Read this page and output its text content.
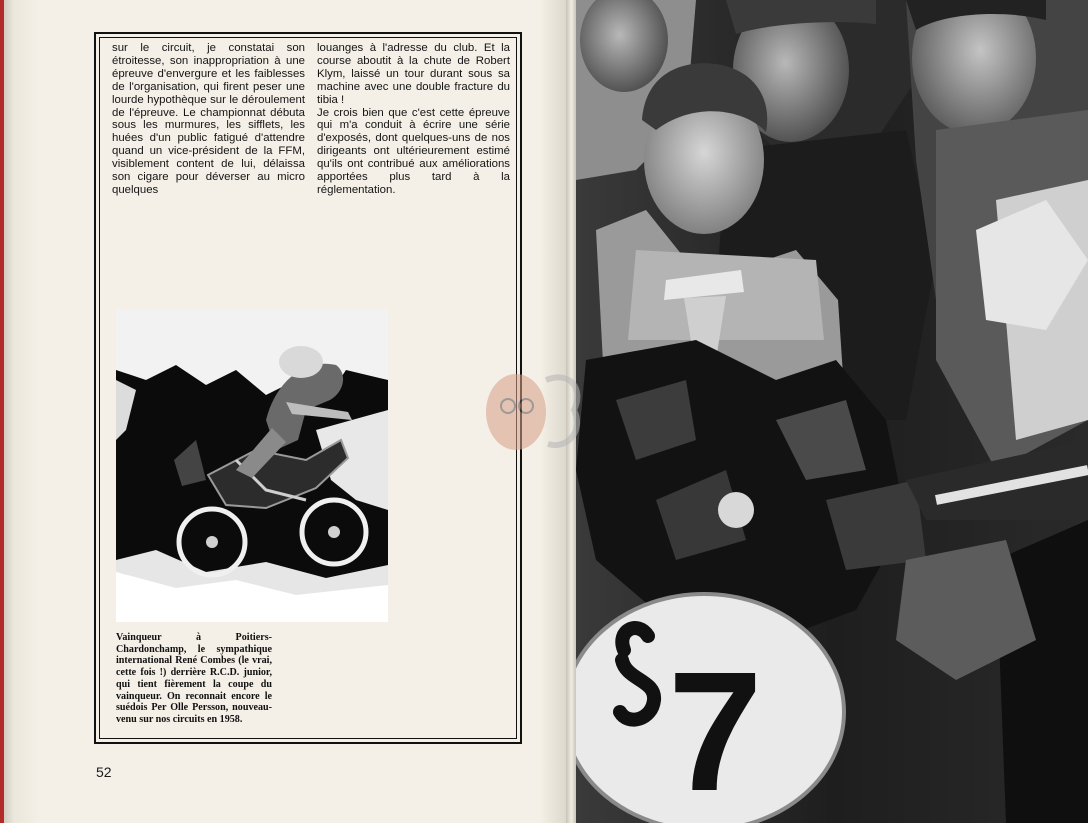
sur le circuit, je constatai son étroitesse, son inappropriation à une épreuve d'envergure et les faiblesses de l'organisation, qui firent peser une lourde hypothèque sur le déroulement de l'épreuve. Le championnat débuta sous les murmures, les sifflets, les huées d'un public fatigué d'attendre quand un vice-président de la FFM, visiblement content de lui, délaissa son cigare pour déverser au micro quelques

louanges à l'adresse du club. Et la course aboutit à la chute de Robert Klym, laissé un tour durant sous sa machine avec une double fracture du tibia !

Je crois bien que c'est cette épreuve qui m'a conduit à écrire une série d'exposés, dont quelques-uns de nos dirigeants ont ultérieurement estimé qu'ils ont contribué aux améliorations apportées plus tard à la réglementation.

Vainqueur à Poitiers-Chardonchamp, le sympathique international René Combes (le vrai, cette fois !) derrière R.C.D. junior, qui tient fièrement la coupe du vainqueur. On reconnait encore le suédois Per Olle Persson, nouveau-venu sur nos circuits en 1958.
52	7
